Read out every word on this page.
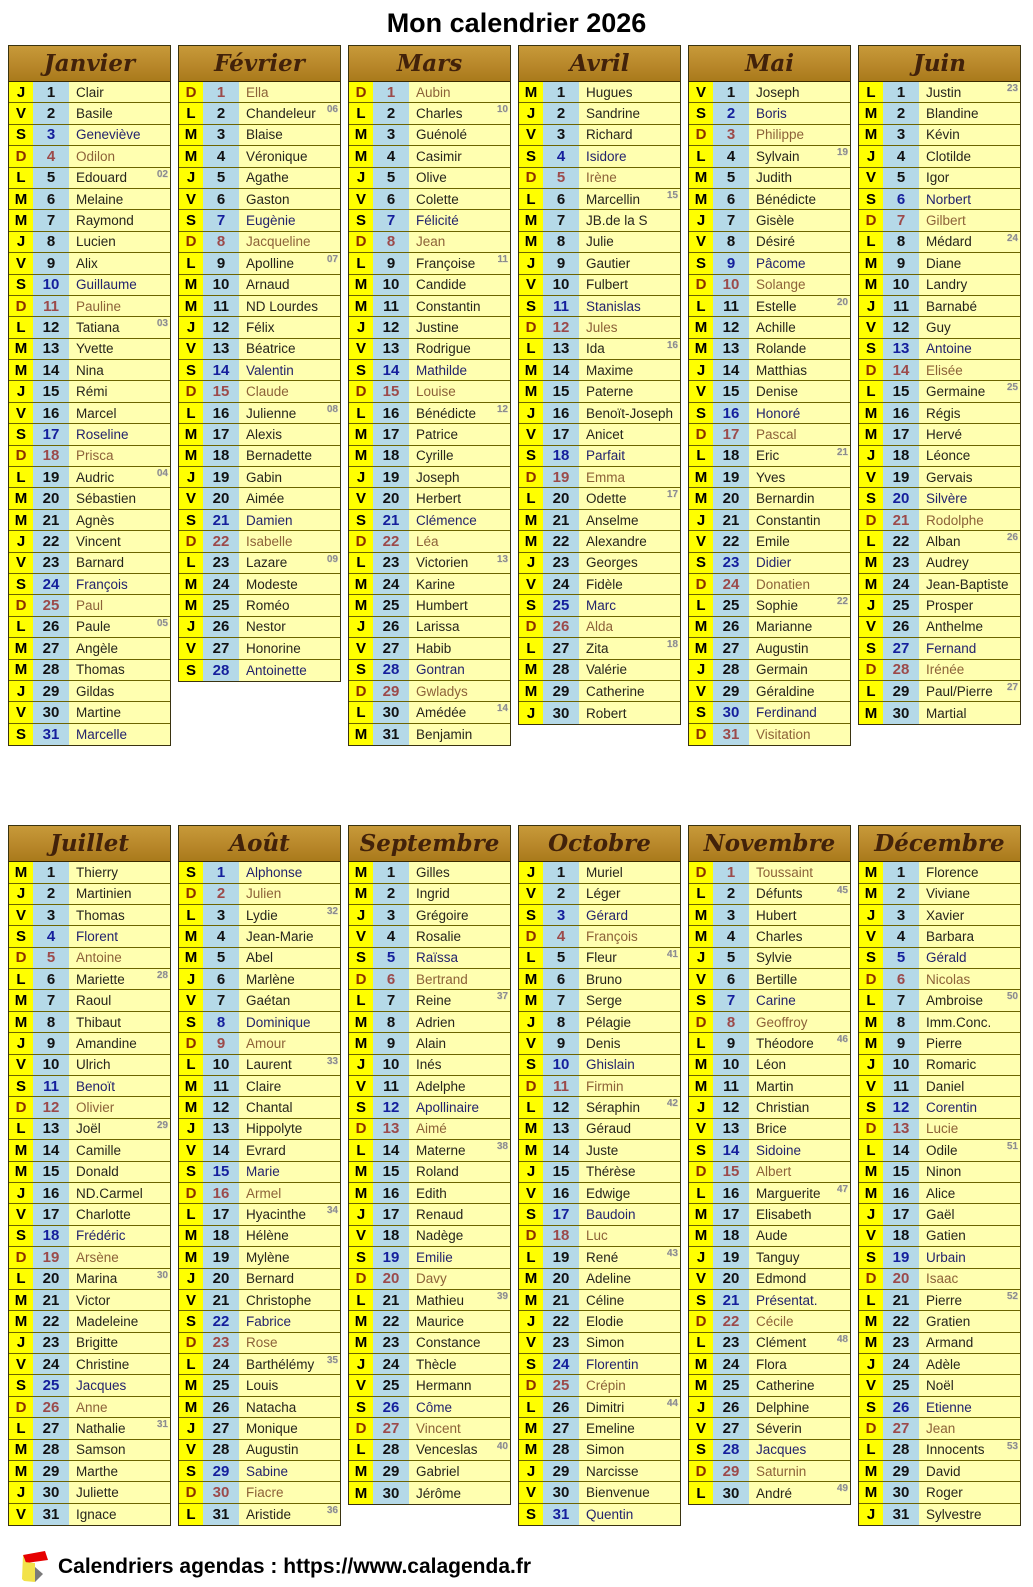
Mon calendrier 2026
Janvier
J	1	Clair
V	2	Basile
S	3	Geneviève
D	4	Odilon
L	5	Edouard	02
M	6	Melaine
M	7	Raymond
J	8	Lucien
V	9	Alix
S	10	Guillaume
D	11	Pauline
L	12	Tatiana	03
M	13	Yvette
M	14	Nina
J	15	Rémi
V	16	Marcel
S	17	Roseline
D	18	Prisca
L	19	Audric	04
M	20	Sébastien
M	21	Agnès
J	22	Vincent
V	23	Barnard
S	24	François
D	25	Paul
L	26	Paule	05
M	27	Angèle
M	28	Thomas
J	29	Gildas
V	30	Martine
S	31	Marcelle
Février
D	1	Ella
L	2	Chandeleur	06
M	3	Blaise
M	4	Véronique
J	5	Agathe
V	6	Gaston
S	7	Eugènie
D	8	Jacqueline
L	9	Apolline	07
M	10	Arnaud
M	11	ND Lourdes
J	12	Félix
V	13	Béatrice
S	14	Valentin
D	15	Claude
L	16	Julienne	08
M	17	Alexis
M	18	Bernadette
J	19	Gabin
V	20	Aimée
S	21	Damien
D	22	Isabelle
L	23	Lazare	09
M	24	Modeste
M	25	Roméo
J	26	Nestor
V	27	Honorine
S	28	Antoinette
Mars
D	1	Aubin
L	2	Charles	10
M	3	Guénolé
M	4	Casimir
J	5	Olive
V	6	Colette
S	7	Félicité
D	8	Jean
L	9	Françoise	11
M	10	Candide
M	11	Constantin
J	12	Justine
V	13	Rodrigue
S	14	Mathilde
D	15	Louise
L	16	Bénédicte	12
M	17	Patrice
M	18	Cyrille
J	19	Joseph
V	20	Herbert
S	21	Clémence
D	22	Léa
L	23	Victorien	13
M	24	Karine
M	25	Humbert
J	26	Larissa
V	27	Habib
S	28	Gontran
D	29	Gwladys
L	30	Amédée	14
M	31	Benjamin
Avril
M	1	Hugues
J	2	Sandrine
V	3	Richard
S	4	Isidore
D	5	Irène
L	6	Marcellin	15
M	7	JB.de la S
M	8	Julie
J	9	Gautier
V	10	Fulbert
S	11	Stanislas
D	12	Jules
L	13	Ida	16
M	14	Maxime
M	15	Paterne
J	16	Benoït-Joseph
V	17	Anicet
S	18	Parfait
D	19	Emma
L	20	Odette	17
M	21	Anselme
M	22	Alexandre
J	23	Georges
V	24	Fidèle
S	25	Marc
D	26	Alda
L	27	Zita	18
M	28	Valérie
M	29	Catherine
J	30	Robert
Mai
V	1	Joseph
S	2	Boris
D	3	Philippe
L	4	Sylvain	19
M	5	Judith
M	6	Bénédicte
J	7	Gisèle
V	8	Désiré
S	9	Pâcome
D	10	Solange
L	11	Estelle	20
M	12	Achille
M	13	Rolande
J	14	Matthias
V	15	Denise
S	16	Honoré
D	17	Pascal
L	18	Eric	21
M	19	Yves
M	20	Bernardin
J	21	Constantin
V	22	Emile
S	23	Didier
D	24	Donatien
L	25	Sophie	22
M	26	Marianne
M	27	Augustin
J	28	Germain
V	29	Géraldine
S	30	Ferdinand
D	31	Visitation
Juin
L	1	Justin	23
M	2	Blandine
M	3	Kévin
J	4	Clotilde
V	5	Igor
S	6	Norbert
D	7	Gilbert
L	8	Médard	24
M	9	Diane
M	10	Landry
J	11	Barnabé
V	12	Guy
S	13	Antoine
D	14	Elisée
L	15	Germaine	25
M	16	Régis
M	17	Hervé
J	18	Léonce
V	19	Gervais
S	20	Silvère
D	21	Rodolphe
L	22	Alban	26
M	23	Audrey
M	24	Jean-Baptiste
J	25	Prosper
V	26	Anthelme
S	27	Fernand
D	28	Irénée
L	29	Paul/Pierre	27
M	30	Martial
Juillet
M	1	Thierry
J	2	Martinien
V	3	Thomas
S	4	Florent
D	5	Antoine
L	6	Mariette	28
M	7	Raoul
M	8	Thibaut
J	9	Amandine
V	10	Ulrich
S	11	Benoït
D	12	Olivier
L	13	Joël	29
M	14	Camille
M	15	Donald
J	16	ND.Carmel
V	17	Charlotte
S	18	Frédéric
D	19	Arsène
L	20	Marina	30
M	21	Victor
M	22	Madeleine
J	23	Brigitte
V	24	Christine
S	25	Jacques
D	26	Anne
L	27	Nathalie	31
M	28	Samson
M	29	Marthe
J	30	Juliette
V	31	Ignace
Août
S	1	Alphonse
D	2	Julien
L	3	Lydie	32
M	4	Jean-Marie
M	5	Abel
J	6	Marlène
V	7	Gaétan
S	8	Dominique
D	9	Amour
L	10	Laurent	33
M	11	Claire
M	12	Chantal
J	13	Hippolyte
V	14	Evrard
S	15	Marie
D	16	Armel
L	17	Hyacinthe	34
M	18	Hélène
M	19	Mylène
J	20	Bernard
V	21	Christophe
S	22	Fabrice
D	23	Rose
L	24	Barthélémy	35
M	25	Louis
M	26	Natacha
J	27	Monique
V	28	Augustin
S	29	Sabine
D	30	Fiacre
L	31	Aristide	36
Septembre
M	1	Gilles
M	2	Ingrid
J	3	Grégoire
V	4	Rosalie
S	5	Raïssa
D	6	Bertrand
L	7	Reine	37
M	8	Adrien
M	9	Alain
J	10	Inés
V	11	Adelphe
S	12	Apollinaire
D	13	Aimé
L	14	Materne	38
M	15	Roland
M	16	Edith
J	17	Renaud
V	18	Nadège
S	19	Emilie
D	20	Davy
L	21	Mathieu	39
M	22	Maurice
M	23	Constance
J	24	Thècle
V	25	Hermann
S	26	Côme
D	27	Vincent
L	28	Venceslas	40
M	29	Gabriel
M	30	Jérôme
Octobre
J	1	Muriel
V	2	Léger
S	3	Gérard
D	4	François
L	5	Fleur	41
M	6	Bruno
M	7	Serge
J	8	Pélagie
V	9	Denis
S	10	Ghislain
D	11	Firmin
L	12	Séraphin	42
M	13	Géraud
M	14	Juste
J	15	Thérèse
V	16	Edwige
S	17	Baudoin
D	18	Luc
L	19	René	43
M	20	Adeline
M	21	Céline
J	22	Elodie
V	23	Simon
S	24	Florentin
D	25	Crépin
L	26	Dimitri	44
M	27	Emeline
M	28	Simon
J	29	Narcisse
V	30	Bienvenue
S	31	Quentin
Novembre
D	1	Toussaint
L	2	Défunts	45
M	3	Hubert
M	4	Charles
J	5	Sylvie
V	6	Bertille
S	7	Carine
D	8	Geoffroy
L	9	Théodore	46
M	10	Léon
M	11	Martin
J	12	Christian
V	13	Brice
S	14	Sidoine
D	15	Albert
L	16	Marguerite	47
M	17	Elisabeth
M	18	Aude
J	19	Tanguy
V	20	Edmond
S	21	Présentat.
D	22	Cécile
L	23	Clément	48
M	24	Flora
M	25	Catherine
J	26	Delphine
V	27	Séverin
S	28	Jacques
D	29	Saturnin
L	30	André	49
Décembre
M	1	Florence
M	2	Viviane
J	3	Xavier
V	4	Barbara
S	5	Gérald
D	6	Nicolas
L	7	Ambroise	50
M	8	Imm.Conc.
M	9	Pierre
J	10	Romaric
V	11	Daniel
S	12	Corentin
D	13	Lucie
L	14	Odile	51
M	15	Ninon
M	16	Alice
J	17	Gaël
V	18	Gatien
S	19	Urbain
D	20	Isaac
L	21	Pierre	52
M	22	Gratien
M	23	Armand
J	24	Adèle
V	25	Noël
S	26	Etienne
D	27	Jean
L	28	Innocents	53
M	29	David
M	30	Roger
J	31	Sylvestre
Calendriers agendas : https://www.calagenda.fr
